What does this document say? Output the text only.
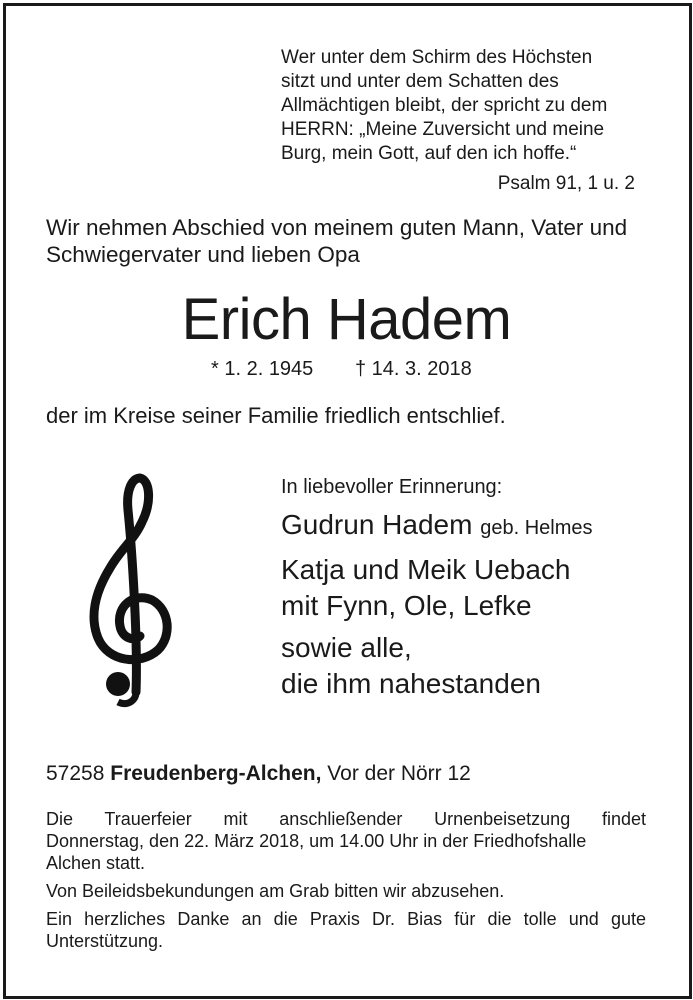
Wer unter dem Schirm des Höchsten
sitzt und unter dem Schatten des
Allmächtigen bleibt, der spricht zu dem
HERRN: „Meine Zuversicht und meine
Burg, mein Gott, auf den ich hoffe.“
Psalm 91, 1 u. 2
Wir nehmen Abschied von meinem guten Mann, Vater und
Schwiegervater und lieben Opa
Erich Hadem
* 1. 2. 1945 † 14. 3. 2018
der im Kreise seiner Familie friedlich entschlief.
In liebevoller Erinnerung:
Gudrun Hadem geb. Helmes
Katja und Meik Uebach
mit Fynn, Ole, Lefke
sowie alle,
die ihm nahestanden
57258 Freudenberg-Alchen, Vor der Nörr 12

Die Trauerfeier mit anschließender Urnenbeisetzung findet
Donnerstag, den 22. März 2018, um 14.00 Uhr in der Friedhofshalle
Alchen statt.

Von Beileidsbekundungen am Grab bitten wir abzusehen.

Ein herzliches Danke an die Praxis Dr. Bias für die tolle und gute
Unterstützung.
